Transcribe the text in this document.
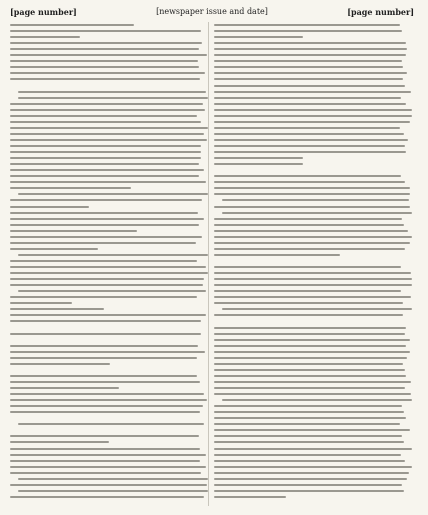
[page number]	[newspaper issue and date]	[page number]
